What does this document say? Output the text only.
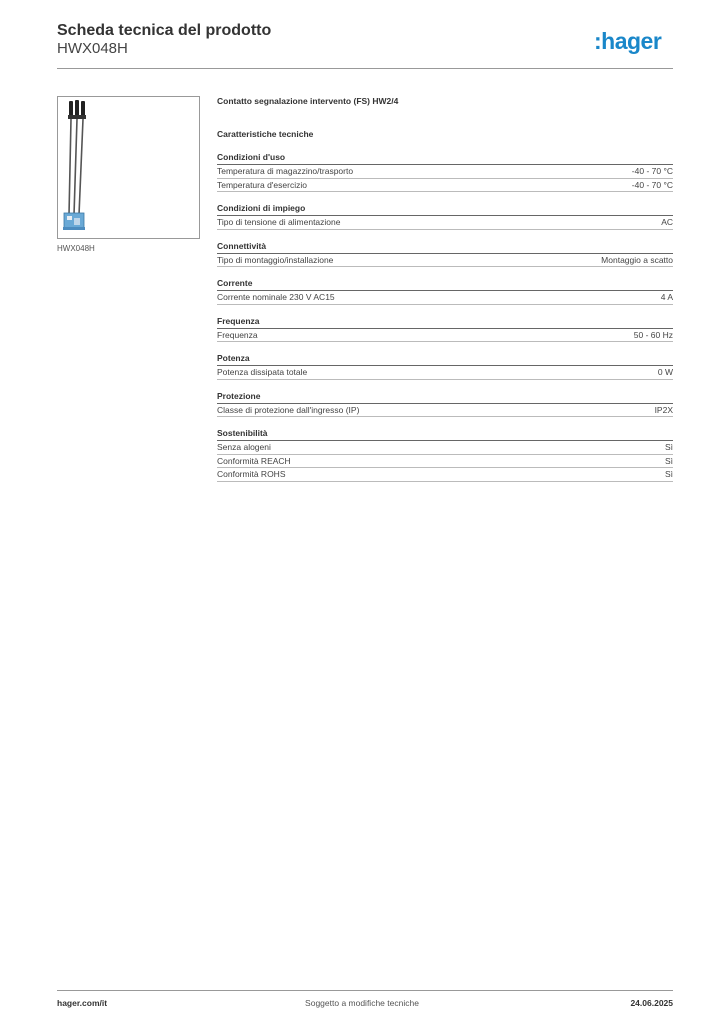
Scheda tecnica del prodotto
HWX048H	:hager
HWX048H
Contatto segnalazione intervento (FS) HW2/4
Caratteristiche tecniche
Condizioni d'uso
Temperatura di magazzino/trasporto	-40 - 70 °C
Temperatura d'esercizio	-40 - 70 °C
Condizioni di impiego
Tipo di tensione di alimentazione	AC
Connettività
Tipo di montaggio/installazione	Montaggio a scatto
Corrente
Corrente nominale 230 V AC15	4 A
Frequenza
Frequenza	50 - 60 Hz
Potenza
Potenza dissipata totale	0 W
Protezione
Classe di protezione dall'ingresso (IP)	IP2X
Sostenibilità
Senza alogeni	Sì
Conformità REACH	Sì
Conformità ROHS	Sì
hager.com/it	Soggetto a modifiche tecniche	24.06.2025
